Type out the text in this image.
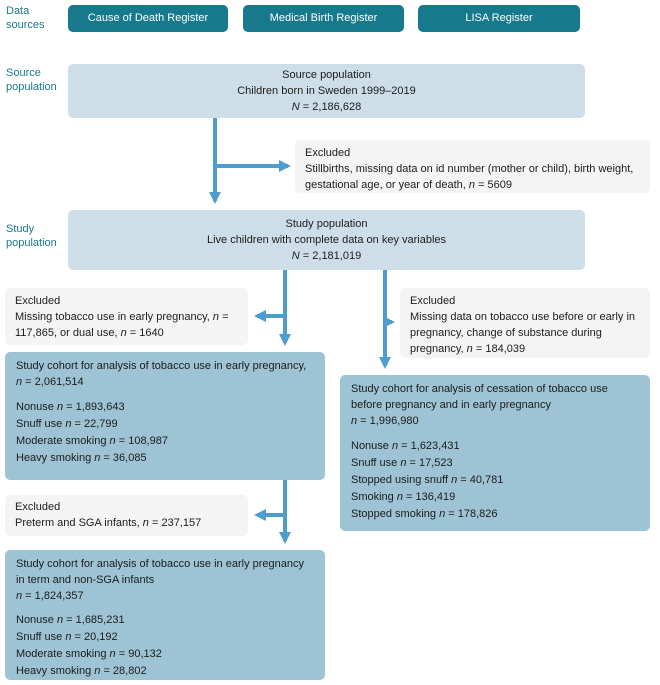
Data sources
Source population
Study population
Cause of Death Register	Medical Birth Register	LISA Register
Source population
Children born in Sweden 1999–2019
N = 2,186,628
Excluded
Stillbirths, missing data on id number (mother or child), birth weight, gestational age, or year of death, n = 5609
Study population
Live children with complete data on key variables
N = 2,181,019
Excluded
Missing tobacco use in early pregnancy, n = 117,865, or dual use, n = 1640
Excluded
Missing data on tobacco use before or early in pregnancy, change of substance during pregnancy, n = 184,039
Study cohort for analysis of tobacco use in early pregnancy, n = 2,061,514
Nonuse n = 1,893,643
Snuff use n = 22,799
Moderate smoking n = 108,987
Heavy smoking n = 36,085
Study cohort for analysis of cessation of tobacco use before pregnancy and in early pregnancy
n = 1,996,980
Nonuse n = 1,623,431
Snuff use n = 17,523
Stopped using snuff n = 40,781
Smoking n = 136,419
Stopped smoking n = 178,826
Excluded
Preterm and SGA infants, n = 237,157
Study cohort for analysis of tobacco use in early pregnancy in term and non-SGA infants
n = 1,824,357
Nonuse n = 1,685,231
Snuff use n = 20,192
Moderate smoking n = 90,132
Heavy smoking n = 28,802
